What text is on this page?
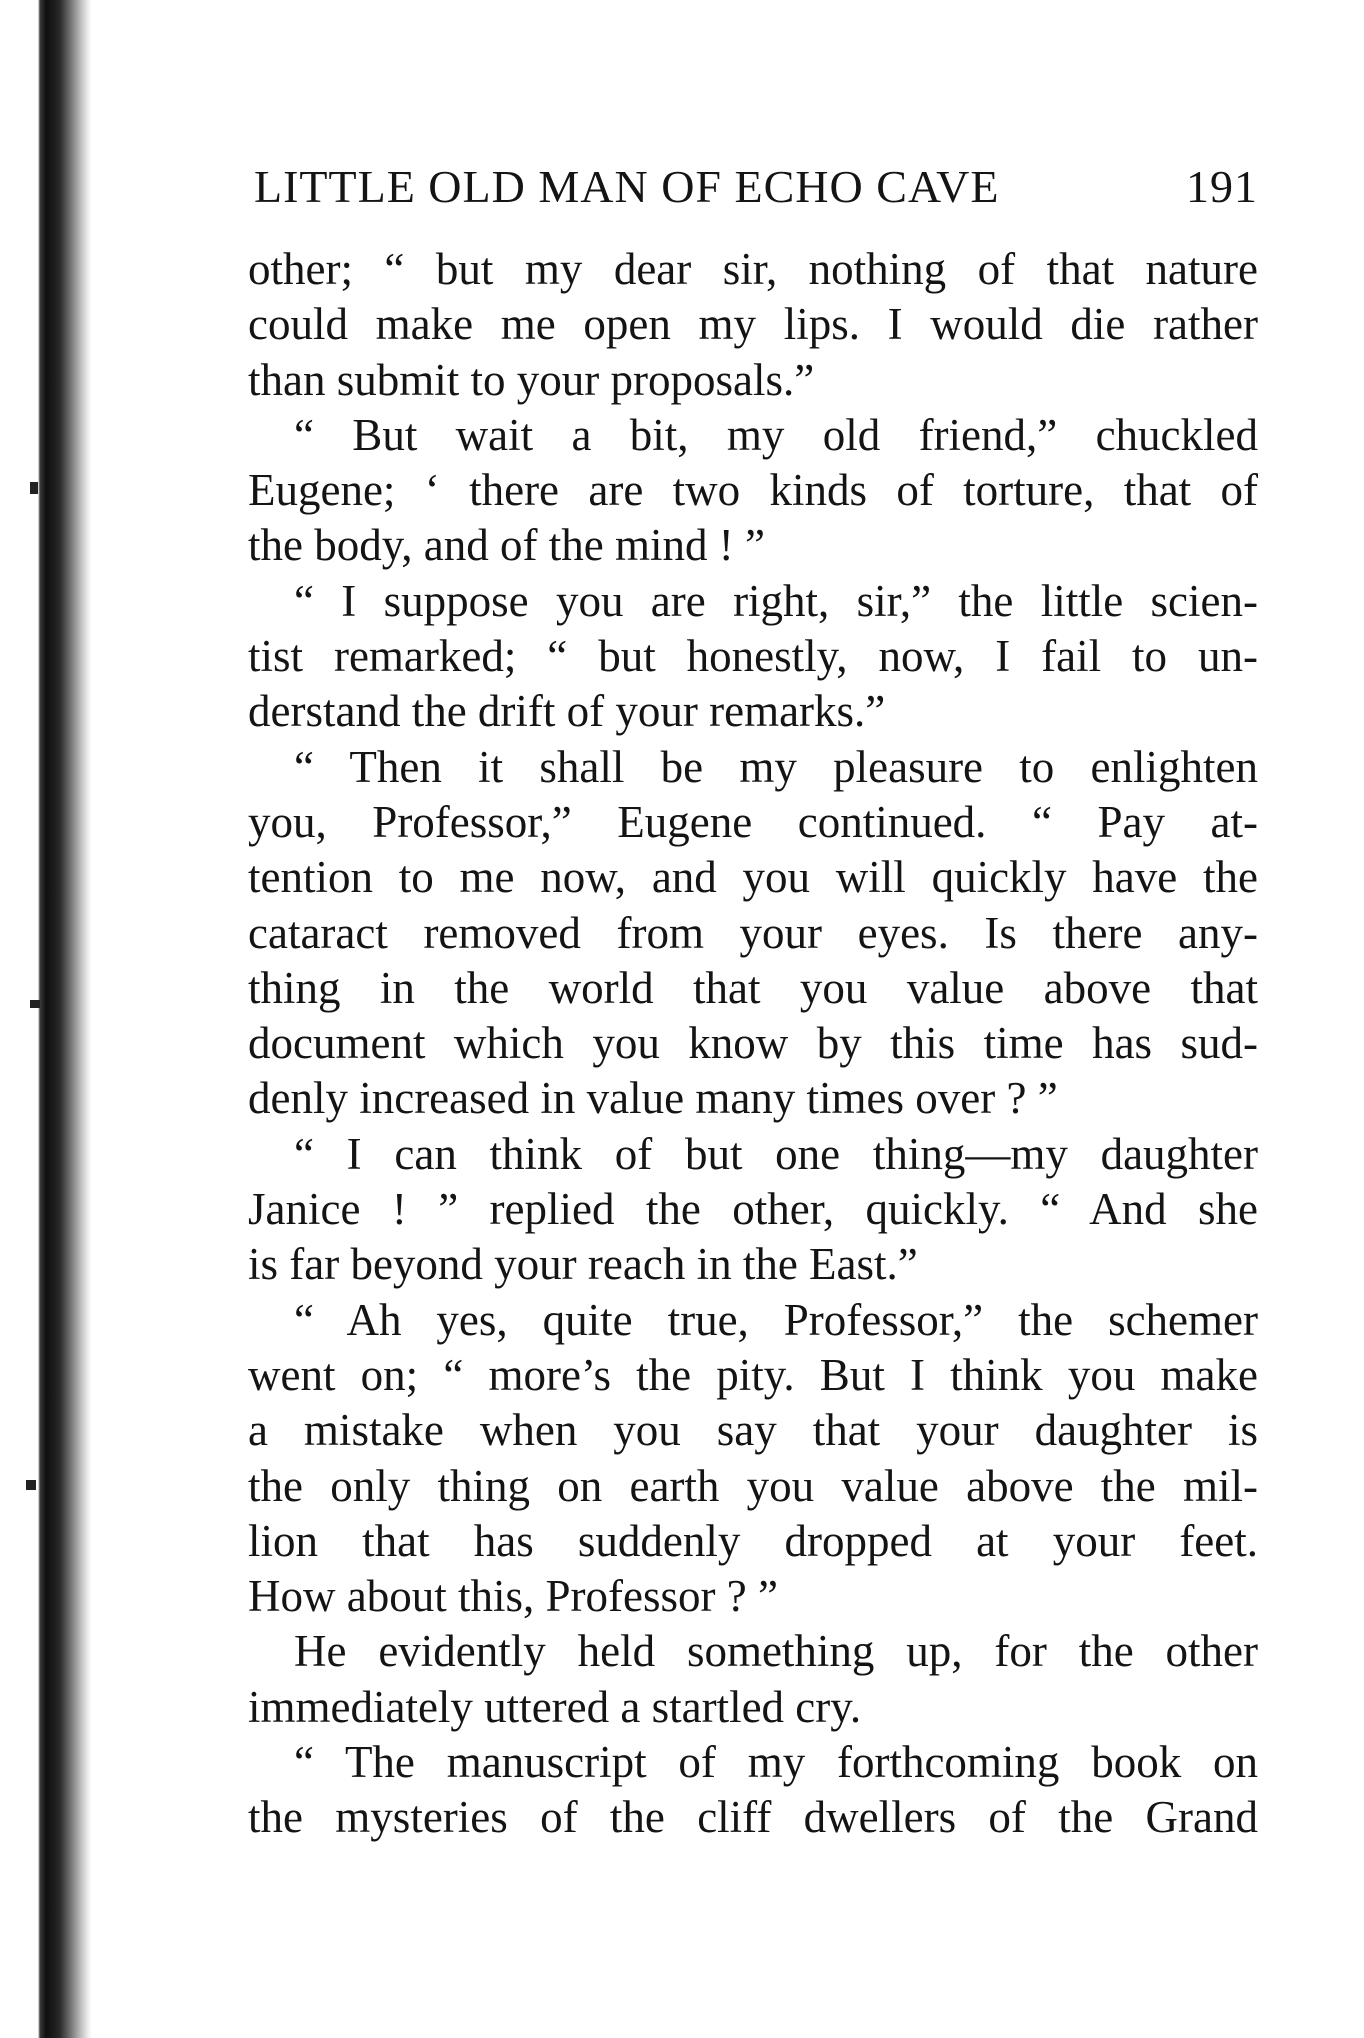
LITTLE OLD MAN OF ECHO CAVE	191
other; “ but my dear sir, nothing of that nature
could make me open my lips. I would die rather
than submit to your proposals.”
“ But wait a bit, my old friend,” chuckled
Eugene; ‘ there are two kinds of torture, that of
the body, and of the mind ! ”
“ I suppose you are right, sir,” the little scien-
tist remarked; “ but honestly, now, I fail to un-
derstand the drift of your remarks.”
“ Then it shall be my pleasure to enlighten
you, Professor,” Eugene continued. “ Pay at-
tention to me now, and you will quickly have the
cataract removed from your eyes. Is there any-
thing in the world that you value above that
document which you know by this time has sud-
denly increased in value many times over ? ”
“ I can think of but one thing—my daughter
Janice ! ” replied the other, quickly. “ And she
is far beyond your reach in the East.”
“ Ah yes, quite true, Professor,” the schemer
went on; “ more’s the pity. But I think you make
a mistake when you say that your daughter is
the only thing on earth you value above the mil-
lion that has suddenly dropped at your feet.
How about this, Professor ? ”
He evidently held something up, for the other
immediately uttered a startled cry.
“ The manuscript of my forthcoming book on
the mysteries of the cliff dwellers of the Grand
